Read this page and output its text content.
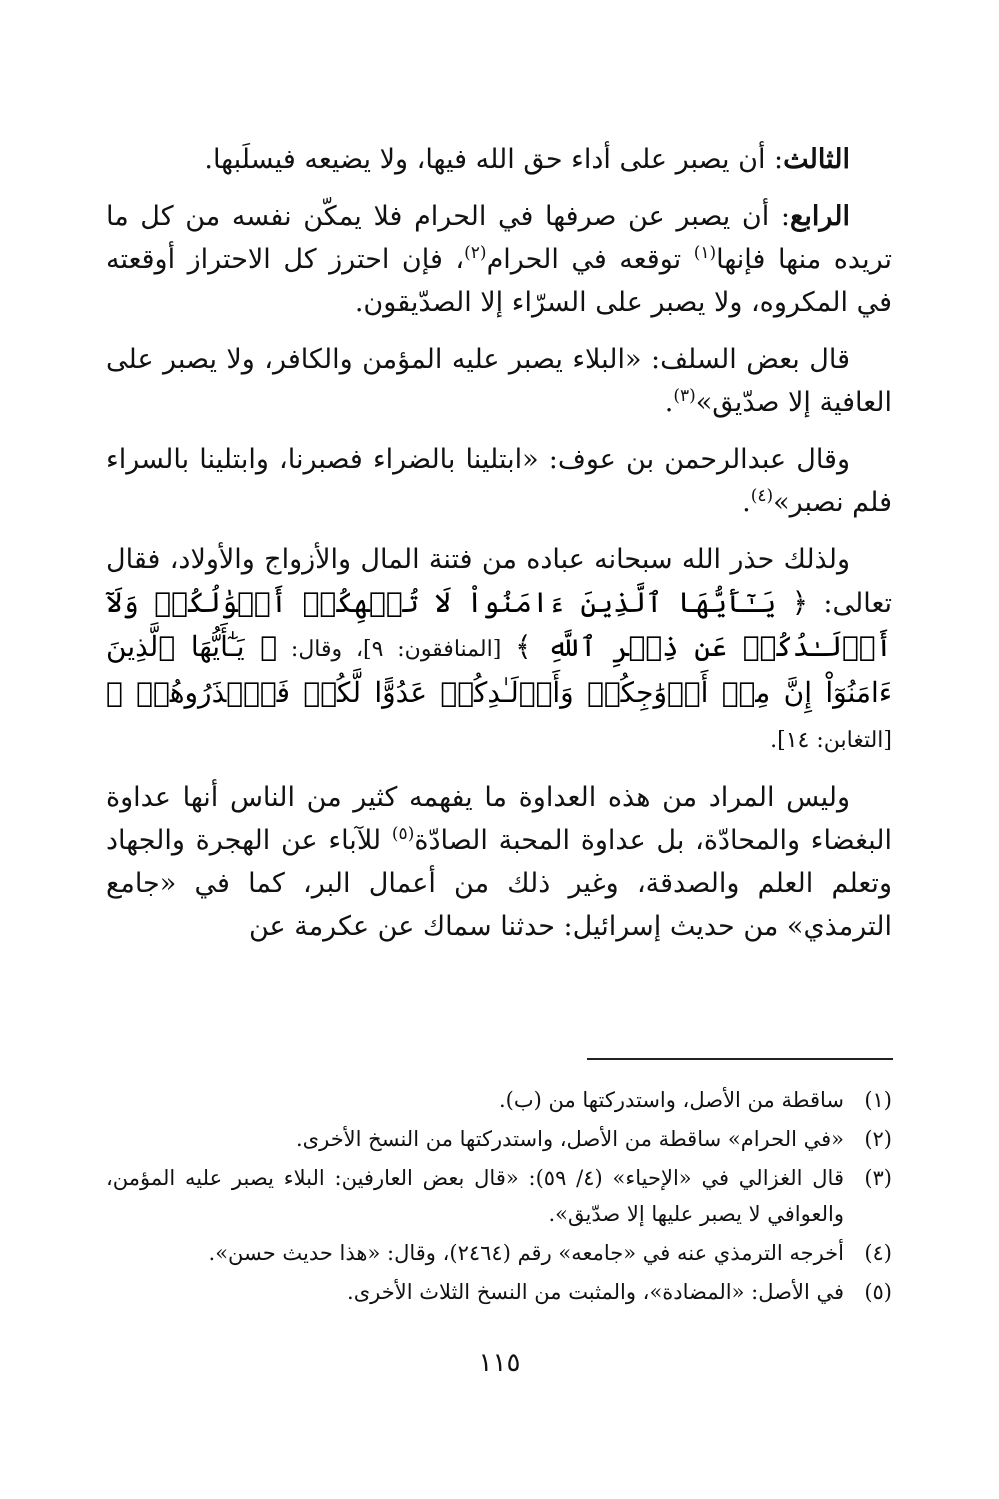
الثالث: أن يصبر على أداء حق الله فيها، ولا يضيعه فيسلَبها.

الرابع: أن يصبر عن صرفها في الحرام فلا يمكّن نفسه من كل ما تريده منها فإنها$^{(١)}$ توقعه في الحرام$^{(٢)}$، فإن احترز كل الاحتراز أوقعته في المكروه، ولا يصبر على السرّاء إلا الصدّيقون.

قال بعض السلف: «البلاء يصبر عليه المؤمن والكافر، ولا يصبر على العافية إلا صدّيق»$^{(٣)}$.

وقال عبدالرحمن بن عوف: «ابتلينا بالضراء فصبرنا، وابتلينا بالسراء فلم نصبر»$^{(٤)}$.

ولذلك حذر الله سبحانه عباده من فتنة المال والأزواج والأولاد، فقال تعالى: ﴿ يَـٰٓأَيُّهَا ٱلَّذِينَ ءَامَنُواْ لَا تُلۡهِكُمۡ أَمۡوَٰلُكُمۡ وَلَآ أَوۡلَـٰدُكُمۡ عَن ذِكۡرِ ٱللَّهِ ﴾ [المنافقون: ٩]، وقال: ﴿ يَـٰٓأَيُّهَا ٱلَّذِينَ ءَامَنُوٓاْ إِنَّ مِنۡ أَزۡوَٰجِكُمۡ وَأَوۡلَـٰدِكُمۡ عَدُوًّا لَّكُمۡ فَٱحۡذَرُوهُمۡ ﴾ [التغابن: ١٤].

وليس المراد من هذه العداوة ما يفهمه كثير من الناس أنها عداوة البغضاء والمحادّة، بل عداوة المحبة الصادّة$^{(٥)}$ للآباء عن الهجرة والجهاد وتعلم العلم والصدقة، وغير ذلك من أعمال البر، كما في «جامع الترمذي» من حديث إسرائيل: حدثنا سماك عن عكرمة عن

(١)
ساقطة من الأصل، واستدركتها من (ب).
(٢)
«في الحرام» ساقطة من الأصل، واستدركتها من النسخ الأخرى.
(٣)
قال الغزالي في «الإحياء» (٤/ ٥٩): «قال بعض العارفين: البلاء يصبر عليه المؤمن، والعوافي لا يصبر عليها إلا صدّيق».
(٤)
أخرجه الترمذي عنه في «جامعه» رقم (٢٤٦٤)، وقال: «هذا حديث حسن».
(٥)
في الأصل: «المضادة»، والمثبت من النسخ الثلاث الأخرى.
١١٥
